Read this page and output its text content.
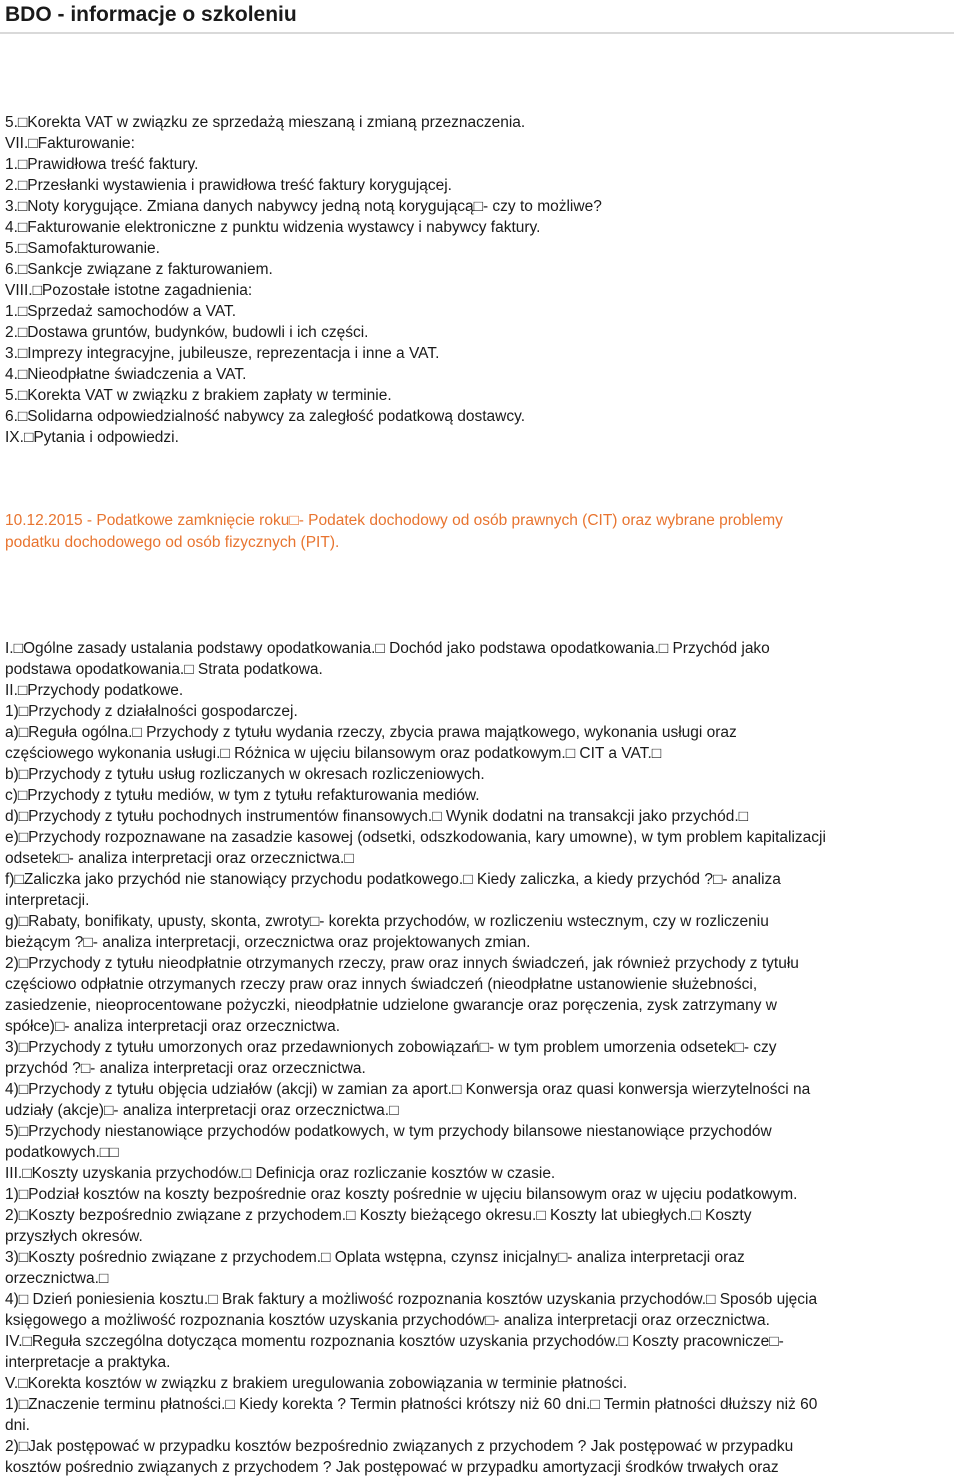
BDO - informacje o szkoleniu
5.□Korekta VAT w związku ze sprzedażą mieszaną i zmianą przeznaczenia.
VII.□Fakturowanie:
1.□Prawidłowa treść faktury.
2.□Przesłanki wystawienia i prawidłowa treść faktury korygującej.
3.□Noty korygujące. Zmiana danych nabywcy jedną notą korygującą□- czy to możliwe?
4.□Fakturowanie elektroniczne z punktu widzenia wystawcy i nabywcy faktury.
5.□Samofakturowanie.
6.□Sankcje związane z fakturowaniem.
VIII.□Pozostałe istotne zagadnienia:
1.□Sprzedaż samochodów a VAT.
2.□Dostawa gruntów, budynków, budowli i ich części.
3.□Imprezy integracyjne, jubileusze, reprezentacja i inne a VAT.
4.□Nieodpłatne świadczenia a VAT.
5.□Korekta VAT w związku z brakiem zapłaty w terminie.
6.□Solidarna odpowiedzialność nabywcy za zaległość podatkową dostawcy.
IX.□Pytania i odpowiedzi.
10.12.2015 - Podatkowe zamknięcie roku□- Podatek dochodowy od osób prawnych (CIT) oraz wybrane problemy
podatku dochodowego od osób fizycznych (PIT).
I.□Ogólne zasady ustalania podstawy opodatkowania.□ Dochód jako podstawa opodatkowania.□ Przychód jako
podstawa opodatkowania.□ Strata podatkowa.
II.□Przychody podatkowe.
1)□Przychody z działalności gospodarczej.
a)□Reguła ogólna.□ Przychody z tytułu wydania rzeczy, zbycia prawa majątkowego, wykonania usługi oraz
częściowego wykonania usługi.□ Różnica w ujęciu bilansowym oraz podatkowym.□ CIT a VAT.□
b)□Przychody z tytułu usług rozliczanych w okresach rozliczeniowych.
c)□Przychody z tytułu mediów, w tym z tytułu refakturowania mediów.
d)□Przychody z tytułu pochodnych instrumentów finansowych.□ Wynik dodatni na transakcji jako przychód.□
e)□Przychody rozpoznawane na zasadzie kasowej (odsetki, odszkodowania, kary umowne), w tym problem kapitalizacji
odsetek□- analiza interpretacji oraz orzecznictwa.□
f)□Zaliczka jako przychód nie stanowiący przychodu podatkowego.□ Kiedy zaliczka, a kiedy przychód ?□- analiza
interpretacji.
g)□Rabaty, bonifikaty, upusty, skonta, zwroty□- korekta przychodów, w rozliczeniu wstecznym, czy w rozliczeniu
bieżącym ?□- analiza interpretacji, orzecznictwa oraz projektowanych zmian.
2)□Przychody z tytułu nieodpłatnie otrzymanych rzeczy, praw oraz innych świadczeń, jak również przychody z tytułu
częściowo odpłatnie otrzymanych rzeczy praw oraz innych świadczeń (nieodpłatne ustanowienie służebności,
zasiedzenie, nieoprocentowane pożyczki, nieodpłatnie udzielone gwarancje oraz poręczenia, zysk zatrzymany w
spółce)□- analiza interpretacji oraz orzecznictwa.
3)□Przychody z tytułu umorzonych oraz przedawnionych zobowiązań□- w tym problem umorzenia odsetek□- czy
przychód ?□- analiza interpretacji oraz orzecznictwa.
4)□Przychody z tytułu objęcia udziałów (akcji) w zamian za aport.□ Konwersja oraz quasi konwersja wierzytelności na
udziały (akcje)□- analiza interpretacji oraz orzecznictwa.□
5)□Przychody niestanowiące przychodów podatkowych, w tym przychody bilansowe niestanowiące przychodów
podatkowych.□□
III.□Koszty uzyskania przychodów.□ Definicja oraz rozliczanie kosztów w czasie.
1)□Podział kosztów na koszty bezpośrednie oraz koszty pośrednie w ujęciu bilansowym oraz w ujęciu podatkowym.
2)□Koszty bezpośrednio związane z przychodem.□ Koszty bieżącego okresu.□ Koszty lat ubiegłych.□ Koszty
przyszłych okresów.
3)□Koszty pośrednio związane z przychodem.□ Oplata wstępna, czynsz inicjalny□- analiza interpretacji oraz
orzecznictwa.□
4)□ Dzień poniesienia kosztu.□ Brak faktury a możliwość rozpoznania kosztów uzyskania przychodów.□ Sposób ujęcia
księgowego a możliwość rozpoznania kosztów uzyskania przychodów□- analiza interpretacji oraz orzecznictwa.
IV.□Reguła szczególna dotycząca momentu rozpoznania kosztów uzyskania przychodów.□ Koszty pracownicze□-
interpretacje a praktyka.
V.□Korekta kosztów w związku z brakiem uregulowania zobowiązania w terminie płatności.
1)□Znaczenie terminu płatności.□ Kiedy korekta ? Termin płatności krótszy niż 60 dni.□ Termin płatności dłuższy niż 60
dni.
2)□Jak postępować w przypadku kosztów bezpośrednio związanych z przychodem ? Jak postępować w przypadku
kosztów pośrednio związanych z przychodem ? Jak postępować w przypadku amortyzacji środków trwałych oraz
